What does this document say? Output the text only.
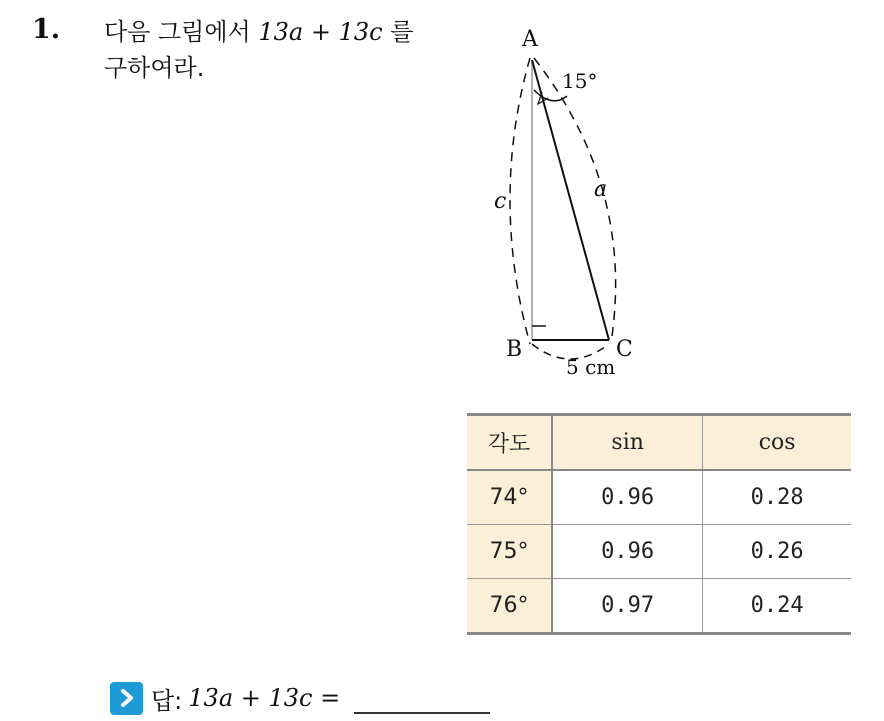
1. 다음 그림에서 13a + 13c 를 구하여라.
A
B	C
15°
a
c
5 cm
각도	sin	cos
74°	0.96	0.28
75°	0.96	0.26
76°	0.97	0.24
답: 13a + 13c =
